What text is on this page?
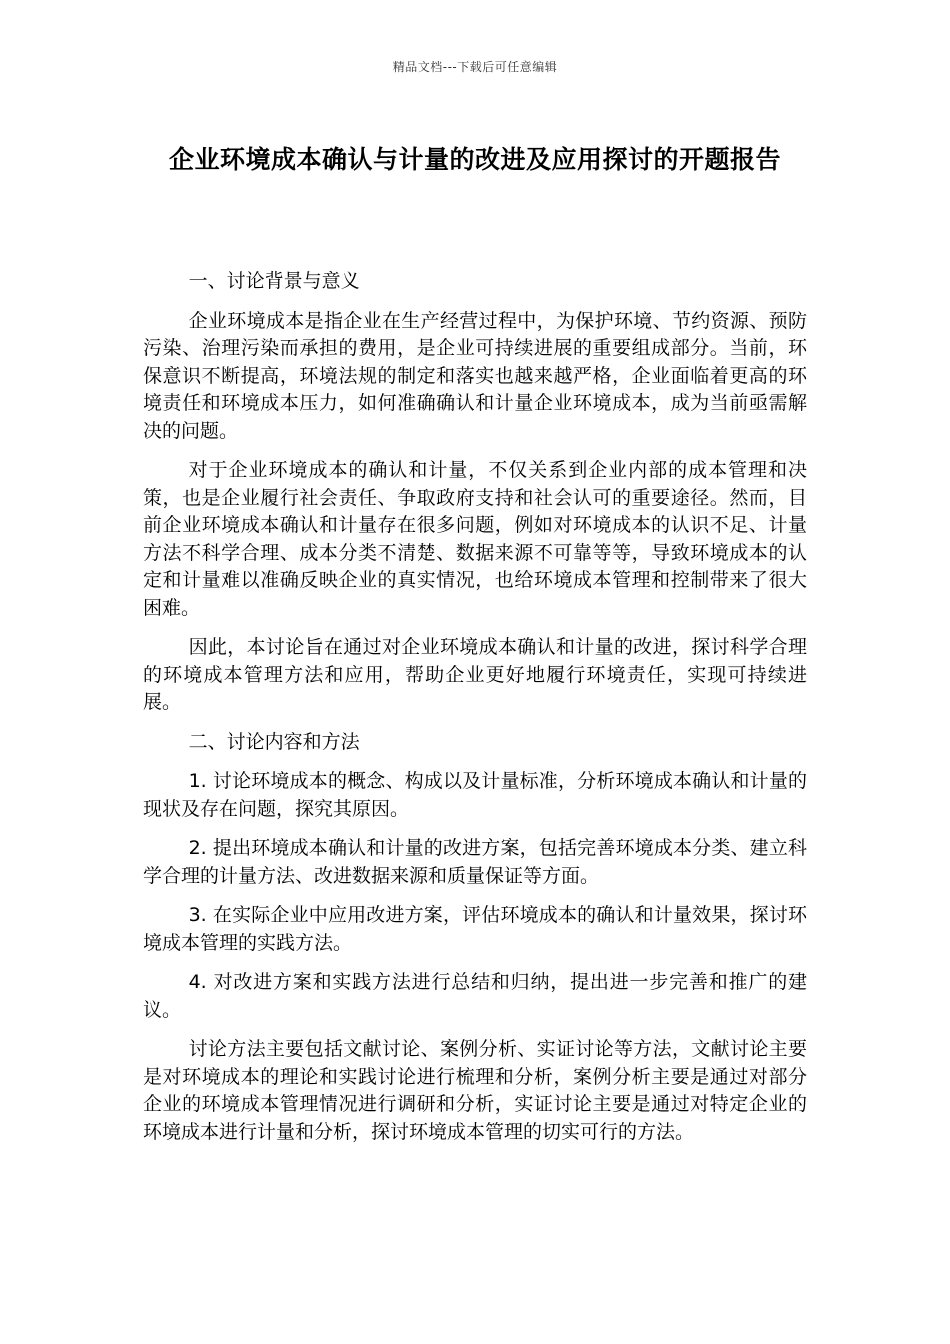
精品文档---下载后可任意编辑
企业环境成本确认与计量的改进及应用探讨的开题报告

一、讨论背景与意义

企业环境成本是指企业在生产经营过程中，为保护环境、节约资源、预防污染、治理污染而承担的费用，是企业可持续进展的重要组成部分。当前，环保意识不断提高，环境法规的制定和落实也越来越严格，企业面临着更高的环境责任和环境成本压力，如何准确确认和计量企业环境成本，成为当前亟需解决的问题。

对于企业环境成本的确认和计量，不仅关系到企业内部的成本管理和决策，也是企业履行社会责任、争取政府支持和社会认可的重要途径。然而，目前企业环境成本确认和计量存在很多问题，例如对环境成本的认识不足、计量方法不科学合理、成本分类不清楚、数据来源不可靠等等，导致环境成本的认定和计量难以准确反映企业的真实情况，也给环境成本管理和控制带来了很大困难。

因此，本讨论旨在通过对企业环境成本确认和计量的改进，探讨科学合理的环境成本管理方法和应用，帮助企业更好地履行环境责任，实现可持续进展。

二、讨论内容和方法

1. 讨论环境成本的概念、构成以及计量标准，分析环境成本确认和计量的现状及存在问题，探究其原因。

2. 提出环境成本确认和计量的改进方案，包括完善环境成本分类、建立科学合理的计量方法、改进数据来源和质量保证等方面。

3. 在实际企业中应用改进方案，评估环境成本的确认和计量效果，探讨环境成本管理的实践方法。

4. 对改进方案和实践方法进行总结和归纳，提出进一步完善和推广的建议。

讨论方法主要包括文献讨论、案例分析、实证讨论等方法，文献讨论主要是对环境成本的理论和实践讨论进行梳理和分析，案例分析主要是通过对部分企业的环境成本管理情况进行调研和分析，实证讨论主要是通过对特定企业的环境成本进行计量和分析，探讨环境成本管理的切实可行的方法。
